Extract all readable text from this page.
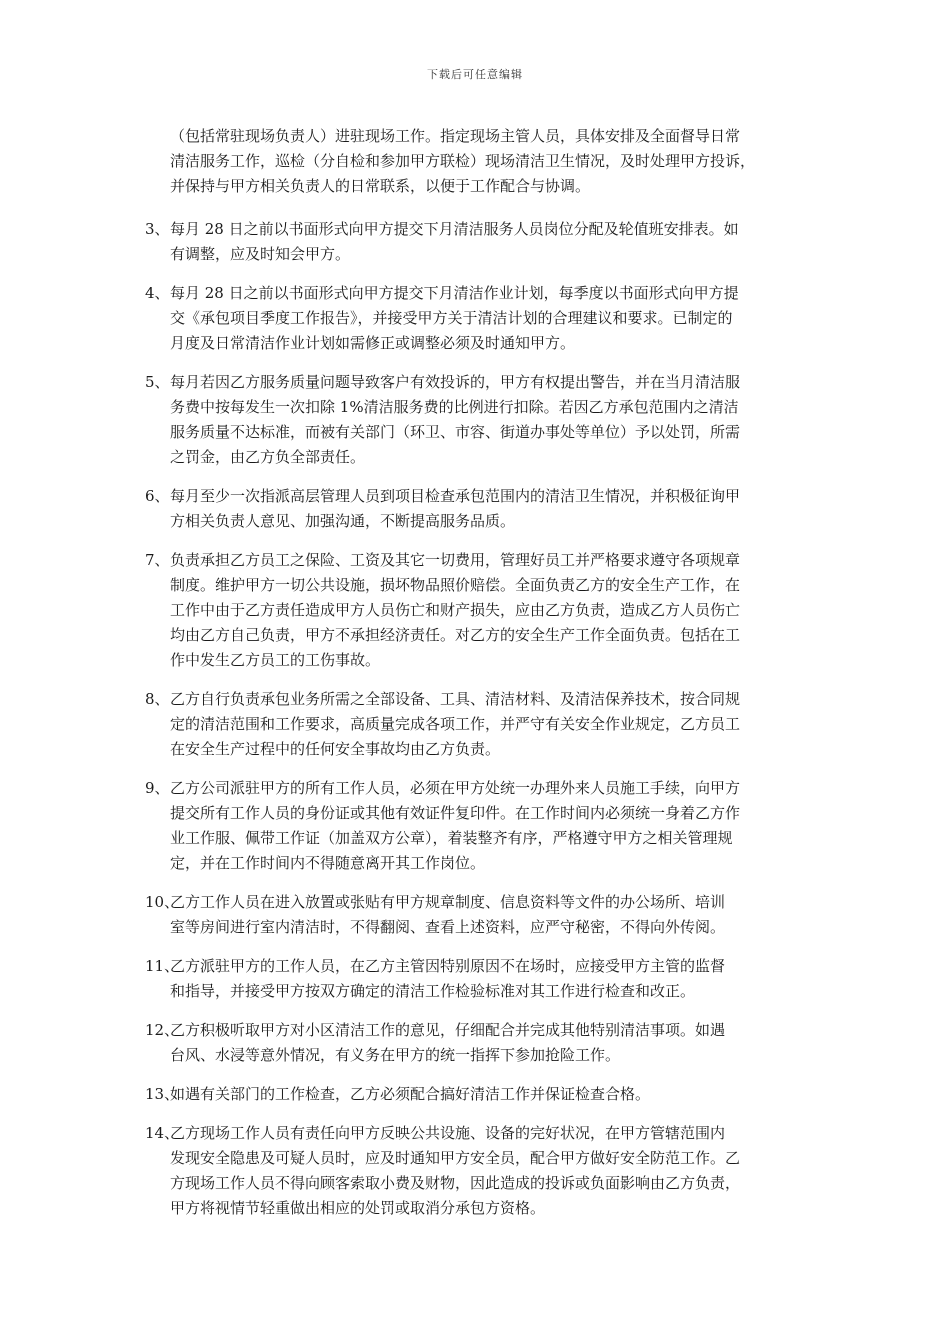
下载后可任意编辑
（包括常驻现场负责人）进驻现场工作。指定现场主管人员，具体安排及全面督导日常
清洁服务工作，巡检（分自检和参加甲方联检）现场清洁卫生情况，及时处理甲方投诉，
并保持与甲方相关负责人的日常联系，以便于工作配合与协调。
3、 每月 28 日之前以书面形式向甲方提交下月清洁服务人员岗位分配及轮值班安排表。如
有调整，应及时知会甲方。
4、 每月 28 日之前以书面形式向甲方提交下月清洁作业计划，每季度以书面形式向甲方提
交《承包项目季度工作报告》，并接受甲方关于清洁计划的合理建议和要求。已制定的
月度及日常清洁作业计划如需修正或调整必须及时通知甲方。
5、 每月若因乙方服务质量问题导致客户有效投诉的，甲方有权提出警告，并在当月清洁服
务费中按每发生一次扣除 1%清洁服务费的比例进行扣除。若因乙方承包范围内之清洁
服务质量不达标准，而被有关部门（环卫、市容、街道办事处等单位）予以处罚，所需
之罚金，由乙方负全部责任。
6、 每月至少一次指派高层管理人员到项目检查承包范围内的清洁卫生情况，并积极征询甲
方相关负责人意见、加强沟通，不断提高服务品质。
7、 负责承担乙方员工之保险、工资及其它一切费用，管理好员工并严格要求遵守各项规章
制度。维护甲方一切公共设施，损坏物品照价赔偿。全面负责乙方的安全生产工作，在
工作中由于乙方责任造成甲方人员伤亡和财产损失，应由乙方负责，造成乙方人员伤亡
均由乙方自己负责，甲方不承担经济责任。对乙方的安全生产工作全面负责。包括在工
作中发生乙方员工的工伤事故。
8、 乙方自行负责承包业务所需之全部设备、工具、清洁材料、及清洁保养技术，按合同规
定的清洁范围和工作要求，高质量完成各项工作，并严守有关安全作业规定，乙方员工
在安全生产过程中的任何安全事故均由乙方负责。
9、 乙方公司派驻甲方的所有工作人员，必须在甲方处统一办理外来人员施工手续，向甲方
提交所有工作人员的身份证或其他有效证件复印件。在工作时间内必须统一身着乙方作
业工作服、佩带工作证（加盖双方公章），着装整齐有序，严格遵守甲方之相关管理规
定，并在工作时间内不得随意离开其工作岗位。
10、
乙方工作人员在进入放置或张贴有甲方规章制度、信息资料等文件的办公场所、培训
室等房间进行室内清洁时，不得翻阅、查看上述资料，应严守秘密，不得向外传阅。
11、
乙方派驻甲方的工作人员，在乙方主管因特别原因不在场时，应接受甲方主管的监督
和指导，并接受甲方按双方确定的清洁工作检验标准对其工作进行检查和改正。
12、
乙方积极听取甲方对小区清洁工作的意见，仔细配合并完成其他特别清洁事项。如遇
台风、水浸等意外情况，有义务在甲方的统一指挥下参加抢险工作。
13、
如遇有关部门的工作检查，乙方必须配合搞好清洁工作并保证检查合格。
14、
乙方现场工作人员有责任向甲方反映公共设施、设备的完好状况，在甲方管辖范围内
发现安全隐患及可疑人员时，应及时通知甲方安全员，配合甲方做好安全防范工作。乙
方现场工作人员不得向顾客索取小费及财物，因此造成的投诉或负面影响由乙方负责，
甲方将视情节轻重做出相应的处罚或取消分承包方资格。
